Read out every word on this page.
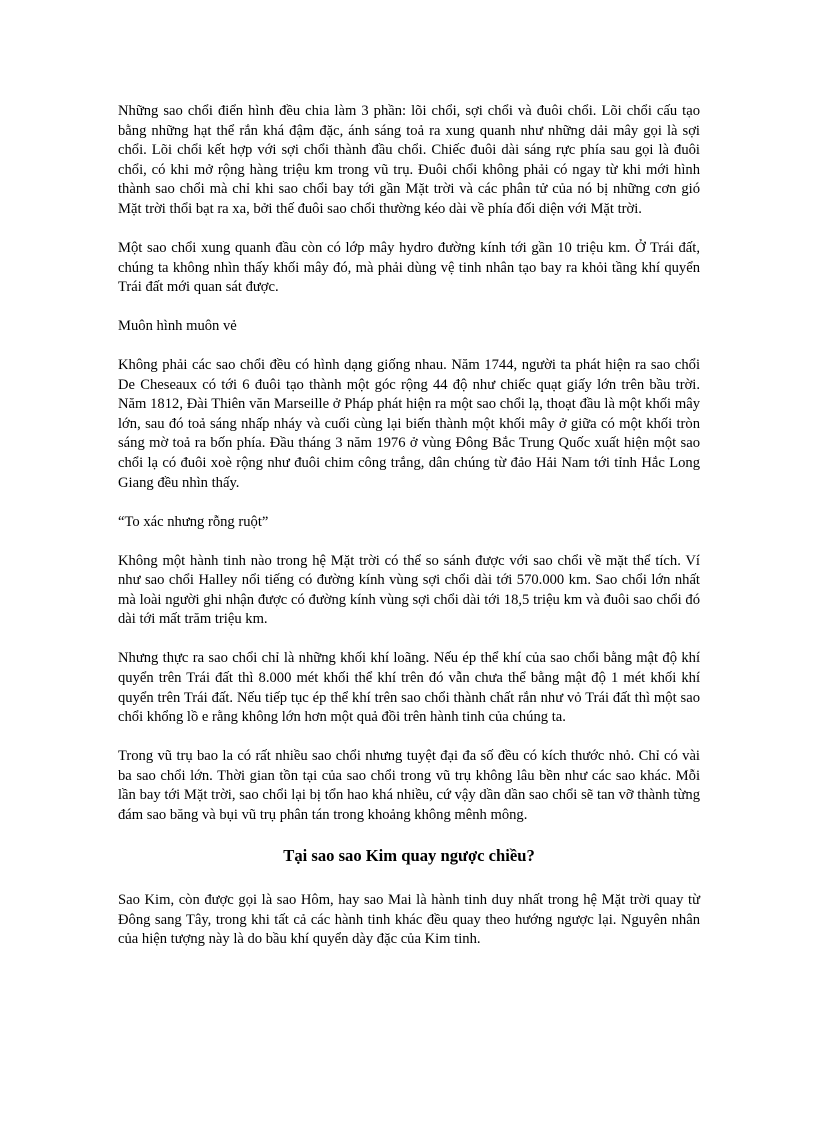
Những sao chổi điển hình đều chia làm 3 phần: lõi chổi, sợi chổi và đuôi chổi. Lõi chổi cấu tạo bằng những hạt thể rắn khá đậm đặc, ánh sáng toả ra xung quanh như những dải mây gọi là sợi chổi. Lõi chổi kết hợp với sợi chổi thành đầu chổi. Chiếc đuôi dài sáng rực phía sau gọi là đuôi chổi, có khi mở rộng hàng triệu km trong vũ trụ. Đuôi chổi không phải có ngay từ khi mới hình thành sao chổi mà chỉ khi sao chổi bay tới gần Mặt trời và các phân tử của nó bị những cơn gió Mặt trời thổi bạt ra xa, bởi thế đuôi sao chổi thường kéo dài về phía đối diện với Mặt trời.

Một sao chổi xung quanh đầu còn có lớp mây hydro đường kính tới gần 10 triệu km. Ở Trái đất, chúng ta không nhìn thấy khối mây đó, mà phải dùng vệ tinh nhân tạo bay ra khỏi tầng khí quyển Trái đất mới quan sát được.

Muôn hình muôn vẻ

Không phải các sao chổi đều có hình dạng giống nhau. Năm 1744, người ta phát hiện ra sao chổi De Cheseaux có tới 6 đuôi tạo thành một góc rộng 44 độ như chiếc quạt giấy lớn trên bầu trời. Năm 1812, Đài Thiên văn Marseille ở Pháp phát hiện ra một sao chổi lạ, thoạt đầu là một khối mây lớn, sau đó toả sáng nhấp nháy và cuối cùng lại biến thành một khối mây ở giữa có một khối tròn sáng mờ toả ra bốn phía. Đầu tháng 3 năm 1976 ở vùng Đông Bắc Trung Quốc xuất hiện một sao chổi lạ có đuôi xoè rộng như đuôi chim công trắng, dân chúng từ đảo Hải Nam tới tỉnh Hắc Long Giang đều nhìn thấy.

“To xác nhưng rỗng ruột”

Không một hành tinh nào trong hệ Mặt trời có thể so sánh được với sao chổi về mặt thể tích. Ví như sao chổi Halley nổi tiếng có đường kính vùng sợi chổi dài tới 570.000 km. Sao chổi lớn nhất mà loài người ghi nhận được có đường kính vùng sợi chổi dài tới 18,5 triệu km và đuôi sao chổi đó dài tới mất trăm triệu km.

Nhưng thực ra sao chổi chỉ là những khối khí loãng. Nếu ép thể khí của sao chổi bằng mật độ khí quyển trên Trái đất thì 8.000 mét khối thể khí trên đó vẫn chưa thể bằng mật độ 1 mét khối khí quyển trên Trái đất. Nếu tiếp tục ép thể khí trên sao chổi thành chất rắn như vỏ Trái đất thì một sao chổi khổng lồ e rằng không lớn hơn một quả đồi trên hành tinh của chúng ta.

Trong vũ trụ bao la có rất nhiều sao chổi nhưng tuyệt đại đa số đều có kích thước nhỏ. Chỉ có vài ba sao chổi lớn. Thời gian tồn tại của sao chổi trong vũ trụ không lâu bền như các sao khác. Mỗi lần bay tới Mặt trời, sao chổi lại bị tổn hao khá nhiều, cứ vậy dần dần sao chổi sẽ tan vỡ thành từng đám sao băng và bụi vũ trụ phân tán trong khoảng không mênh mông.

Tại sao sao Kim quay ngược chiều?

Sao Kim, còn được gọi là sao Hôm, hay sao Mai là hành tinh duy nhất trong hệ Mặt trời quay từ Đông sang Tây, trong khi tất cả các hành tinh khác đều quay theo hướng ngược lại. Nguyên nhân của hiện tượng này là do bầu khí quyển dày đặc của Kim tinh.
